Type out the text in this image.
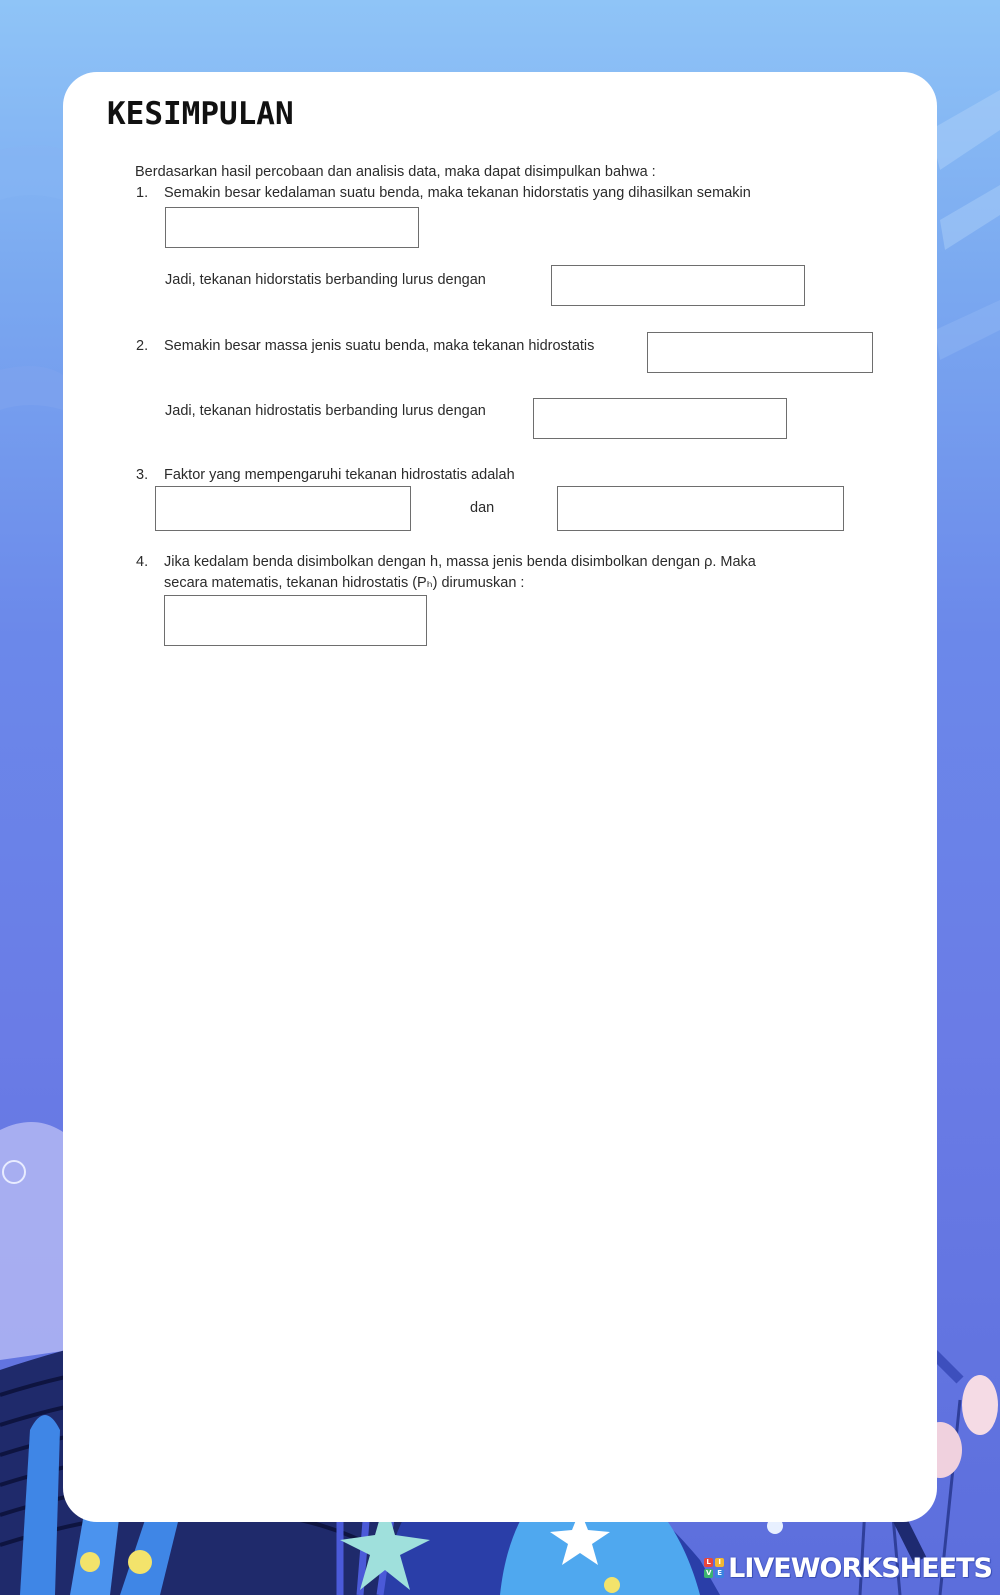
KESIMPULAN
Berdasarkan hasil percobaan dan analisis data, maka dapat disimpulkan bahwa :
1. Semakin besar kedalaman suatu benda, maka tekanan hidorstatis yang dihasilkan semakin
Jadi, tekanan hidorstatis berbanding lurus dengan
2. Semakin besar massa jenis suatu benda, maka tekanan hidrostatis
Jadi, tekanan hidrostatis berbanding lurus dengan
3. Faktor yang mempengaruhi tekanan hidrostatis adalah
dan
4. Jika kedalam benda disimbolkan dengan h, massa jenis benda disimbolkan dengan ρ. Maka
secara matematis, tekanan hidrostatis (Pₕ) dirumuskan :
L	I
V E LIVEWORKSHEETS
